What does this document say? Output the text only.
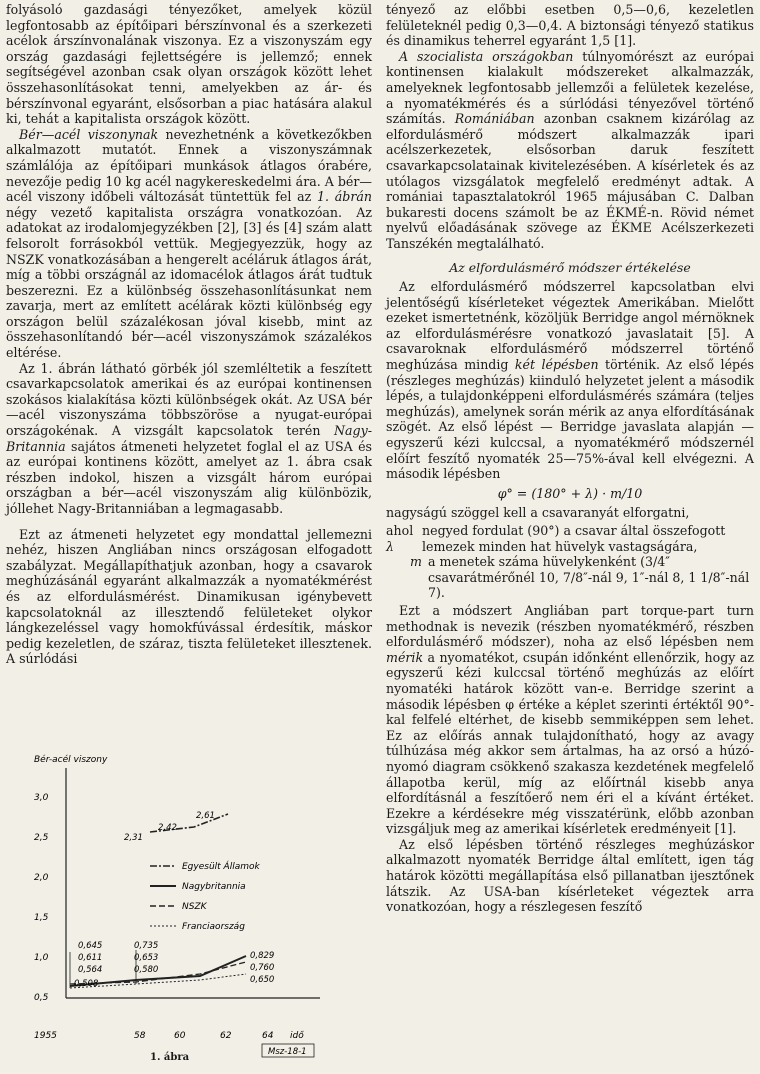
folyásoló gazdasági tényezőket, amelyek közül legfontosabb az építőipari bérszínvonal és a szerkezeti acélok árszínvonalának viszonya. Ez a viszonyszám egy ország gazdasági fejlettségére is jellemző; ennek segítségével azonban csak olyan országok között lehet összehasonlításokat tenni, amelyekben az ár- és bérszínvonal egyaránt, elsősorban a piac hatására alakul ki, tehát a kapitalista országok között.

Bér—acél viszonynak nevezhetnénk a következőkben alkalmazott mutatót. Ennek a viszonyszámnak számlálója az építőipari munkások átlagos órabére, nevezője pedig 10 kg acél nagykereskedelmi ára. A bér—acél viszony időbeli változását tüntettük fel az 1. ábrán négy vezető kapitalista országra vonatkozóan. Az adatokat az irodalomjegyzékben [2], [3] és [4] szám alatt felsorolt forrásokból vettük. Megjegyezzük, hogy az NSZK vonatkozásában a hengerelt acéláruk átlagos árát, míg a többi országnál az idomacélok átlagos árát tudtuk beszerezni. Ez a különbség összehasonlításunkat nem zavarja, mert az említett acélárak közti különbség egy országon belül százalékosan jóval kisebb, mint az összehasonlítandó bér—acél viszonyszámok százalékos eltérése.

Az 1. ábrán látható görbék jól szemléltetik a feszített csavarkapcsolatok amerikai és az európai kontinensen szokásos kialakítása közti különbségek okát. Az USA bér—acél viszonyszáma többszöröse a nyugat-európai országokénak. A vizsgált kapcsolatok terén Nagy-Britannia sajátos átmeneti helyzetet foglal el az USA és az európai kontinens között, amelyet az 1. ábra csak részben indokol, hiszen a vizsgált három európai országban a bér—acél viszonyszám alig különbözik, jóllehet Nagy-Britanniában a legmagasabb.

Ezt az átmeneti helyzetet egy mondattal jellemezni nehéz, hiszen Angliában nincs országosan elfogadott szabályzat. Megállapíthatjuk azonban, hogy a csavarok meghúzásánál egyaránt alkalmazzák a nyomatékmérést és az elfordulásmérést. Dinamikusan igénybevett kapcsolatoknál az illesztendő felületeket olykor lángkezeléssel vagy homokfúvással érdesítik, máskor pedig kezeletlen, de száraz, tiszta felületeket illesztenek. A súrlódási

Bér-acél viszony
3,0
2,5
2,0
1,5
1,0
0,5
1955	58	60	62	64 idő
Msz-18-1
2,31
2,42
2,61
Egyesült Államok
Nagybritannia
NSZK
Franciaország
0,645
0,611
0,564
0,508
0,735
0,653
0,580
0,829
0,760
0,650
1. ábra

tényező az előbbi esetben 0,5—0,6, kezeletlen felületeknél pedig 0,3—0,4. A biztonsági tényező statikus és dinamikus teherrel egyaránt 1,5 [1].

A szocialista országokban túlnyomórészt az európai kontinensen kialakult módszereket alkalmazzák, amelyeknek legfontosabb jellemzői a felületek kezelése, a nyomatékmérés és a súrlódási tényezővel történő számítás. Romániában azonban csaknem kizárólag az elfordulásmérő módszert alkalmazzák ipari acélszerkezetek, elsősorban daruk feszített csavarkapcsolatainak kivitelezésében. A kísérletek és az utólagos vizsgálatok megfelelő eredményt adtak. A romániai tapasztalatokról 1965 májusában C. Dalban bukaresti docens számolt be az ÉKMÉ-n. Rövid német nyelvű előadásának szövege az ÉKME Acélszerkezeti Tanszékén megtalálható.

Az elfordulásmérő módszer értékelése

Az elfordulásmérő módszerrel kapcsolatban elvi jelentőségű kísérleteket végeztek Amerikában. Mielőtt ezeket ismertetnénk, közöljük Berridge angol mérnöknek az elfordulásmérésre vonatkozó javaslatait [5]. A csavaroknak elfordulásmérő módszerrel történő meghúzása mindig két lépésben történik. Az első lépés (részleges meghúzás) kiinduló helyzetet jelent a második lépés, a tulajdonképpeni elfordulásmérés számára (teljes meghúzás), amelynek során mérik az anya elfordításának szögét. Az első lépést — Berridge javaslata alapján — egyszerű kézi kulccsal, a nyomatékmérő módszernél előírt feszítő nyomaték 25—75%-ával kell elvégezni. A második lépésben

φ° = (180° + λ) · m/10

nagyságú szöggel kell a csavaranyát elforgatni,

ahol λ
negyed fordulat (90°) a csavar által összefogott lemezek minden hat hüvelyk vastagságára,
m a menetek száma hüvelykenként (3/4″ csavarátmérőnél 10, 7/8″-nál 9, 1″-nál 8, 1 1/8″-nál 7).

Ezt a módszert Angliában part torque-part turn methodnak is nevezik (részben nyomatékmérő, részben elfordulásmérő módszer), noha az első lépésben nem mérik a nyomatékot, csupán időnként ellenőrzik, hogy az egyszerű kézi kulccsal történő meghúzás az előírt nyomatéki határok között van-e. Berridge szerint a második lépésben φ értéke a képlet szerinti értéktől 90°-kal felfelé eltérhet, de kisebb semmiképpen sem lehet. Ez az előírás annak tulajdonítható, hogy az avagy túlhúzása még akkor sem ártalmas, ha az orsó a húzó-nyomó diagram csökkenő szakasza kezdetének megfelelő állapotba kerül, míg az előírtnál kisebb anya elfordításnál a feszítőerő nem éri el a kívánt értéket. Ezekre a kérdésekre még visszatérünk, előbb azonban vizsgáljuk meg az amerikai kísérletek eredményeit [1].

Az első lépésben történő részleges meghúzáskor alkalmazott nyomaték Berridge által említett, igen tág határok közötti megállapítása első pillanatban ijesztőnek látszik. Az USA-ban kísérleteket végeztek arra vonatkozóan, hogy a részlegesen feszítő
